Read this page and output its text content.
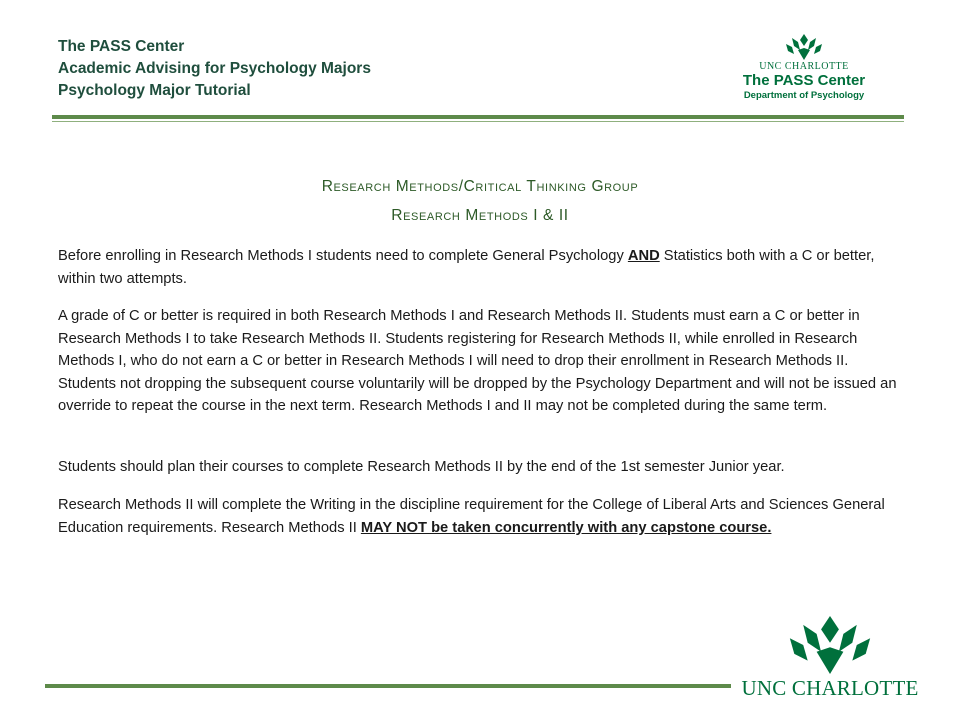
The PASS Center
Academic Advising for Psychology Majors
Psychology Major Tutorial
UNC CHARLOTTE
The PASS Center
Department of Psychology
Research Methods/Critical Thinking Group
Research Methods I & II

Before enrolling in Research Methods I students need to complete General Psychology AND Statistics both with a C or better, within two attempts.

A grade of C or better is required in both Research Methods I and Research Methods II. Students must earn a C or better in Research Methods I to take Research Methods II. Students registering for Research Methods II, while enrolled in Research Methods I, who do not earn a C or better in Research Methods I will need to drop their enrollment in Research Methods II. Students not dropping the subsequent course voluntarily will be dropped by the Psychology Department and will not be issued an override to repeat the course in the next term. Research Methods I and II may not be completed during the same term.

Students should plan their courses to complete Research Methods II by the end of the 1st semester Junior year.

Research Methods II will complete the Writing in the discipline requirement for the College of Liberal Arts and Sciences General Education requirements. Research Methods II MAY NOT be taken concurrently with any capstone course.

UNC CHARLOTTE
